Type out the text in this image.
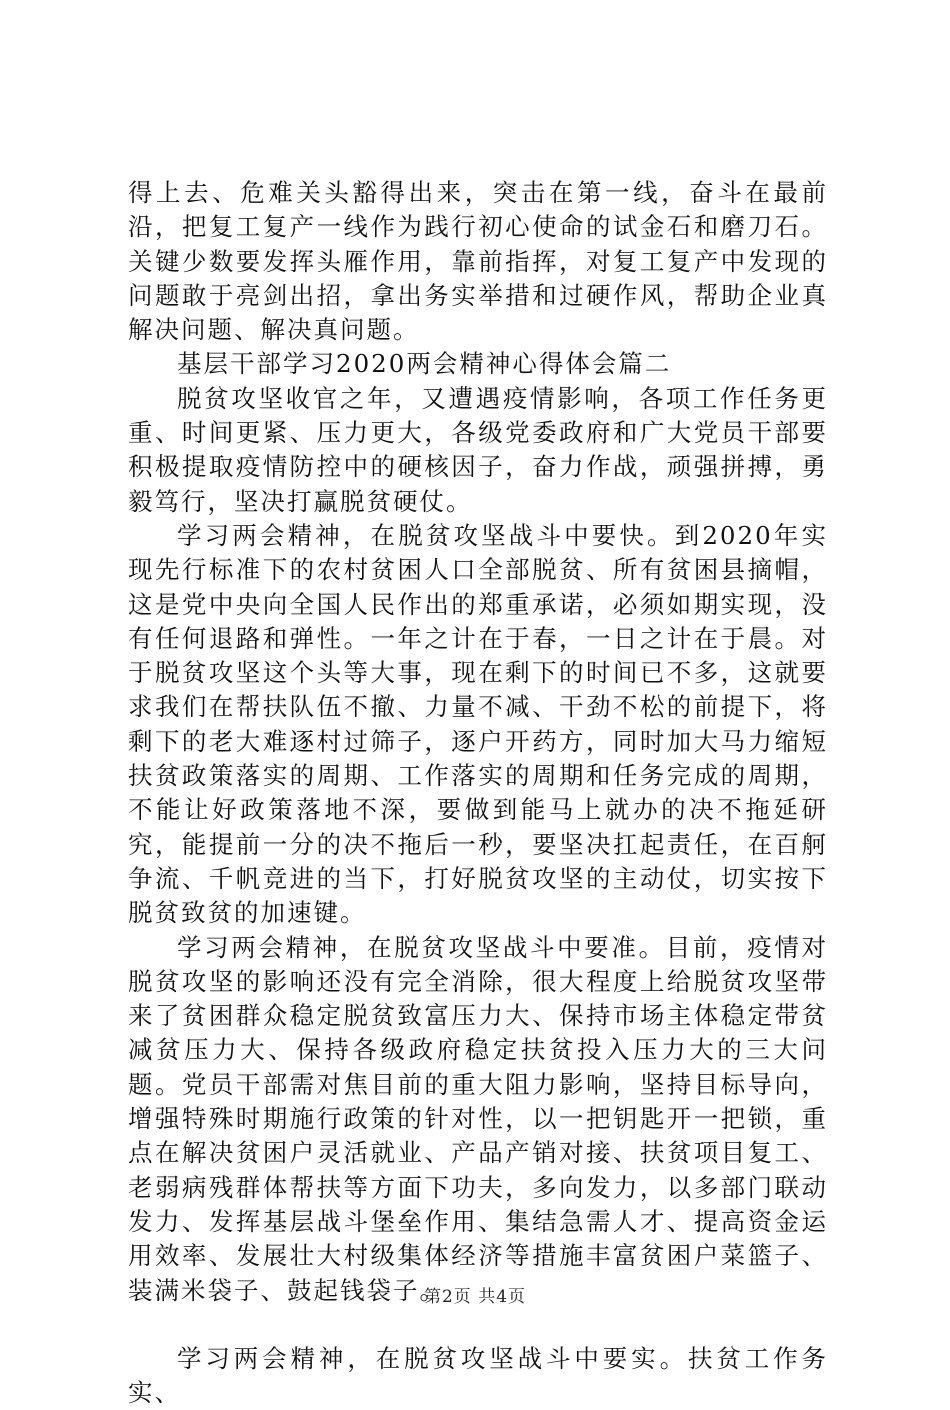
得上去、危难关头豁得出来，突击在第一线，奋斗在最前沿，把复工复产一线作为践行初心使命的试金石和磨刀石。关键少数要发挥头雁作用，靠前指挥，对复工复产中发现的问题敢于亮剑出招，拿出务实举措和过硬作风，帮助企业真解决问题、解决真问题。

基层干部学习2020两会精神心得体会篇二

脱贫攻坚收官之年，又遭遇疫情影响，各项工作任务更重、时间更紧、压力更大，各级党委政府和广大党员干部要积极提取疫情防控中的硬核因子，奋力作战，顽强拼搏，勇毅笃行，坚决打赢脱贫硬仗。

学习两会精神，在脱贫攻坚战斗中要快。到2020年实现先行标准下的农村贫困人口全部脱贫、所有贫困县摘帽，这是党中央向全国人民作出的郑重承诺，必须如期实现，没有任何退路和弹性。一年之计在于春，一日之计在于晨。对于脱贫攻坚这个头等大事，现在剩下的时间已不多，这就要求我们在帮扶队伍不撤、力量不减、干劲不松的前提下，将剩下的老大难逐村过筛子，逐户开药方，同时加大马力缩短扶贫政策落实的周期、工作落实的周期和任务完成的周期，不能让好政策落地不深，要做到能马上就办的决不拖延研究，能提前一分的决不拖后一秒，要坚决扛起责任，在百舸争流、千帆竞进的当下，打好脱贫攻坚的主动仗，切实按下脱贫致贫的加速键。

学习两会精神，在脱贫攻坚战斗中要准。目前，疫情对脱贫攻坚的影响还没有完全消除，很大程度上给脱贫攻坚带来了贫困群众稳定脱贫致富压力大、保持市场主体稳定带贫减贫压力大、保持各级政府稳定扶贫投入压力大的三大问题。党员干部需对焦目前的重大阻力影响，坚持目标导向，增强特殊时期施行政策的针对性，以一把钥匙开一把锁，重点在解决贫困户灵活就业、产品产销对接、扶贫项目复工、老弱病残群体帮扶等方面下功夫，多向发力，以多部门联动发力、发挥基层战斗堡垒作用、集结急需人才、提高资金运用效率、发展壮大村级集体经济等措施丰富贫困户菜篮子、装满米袋子、鼓起钱袋子。

学习两会精神，在脱贫攻坚战斗中要实。扶贫工作务实、

第2页 共4页
